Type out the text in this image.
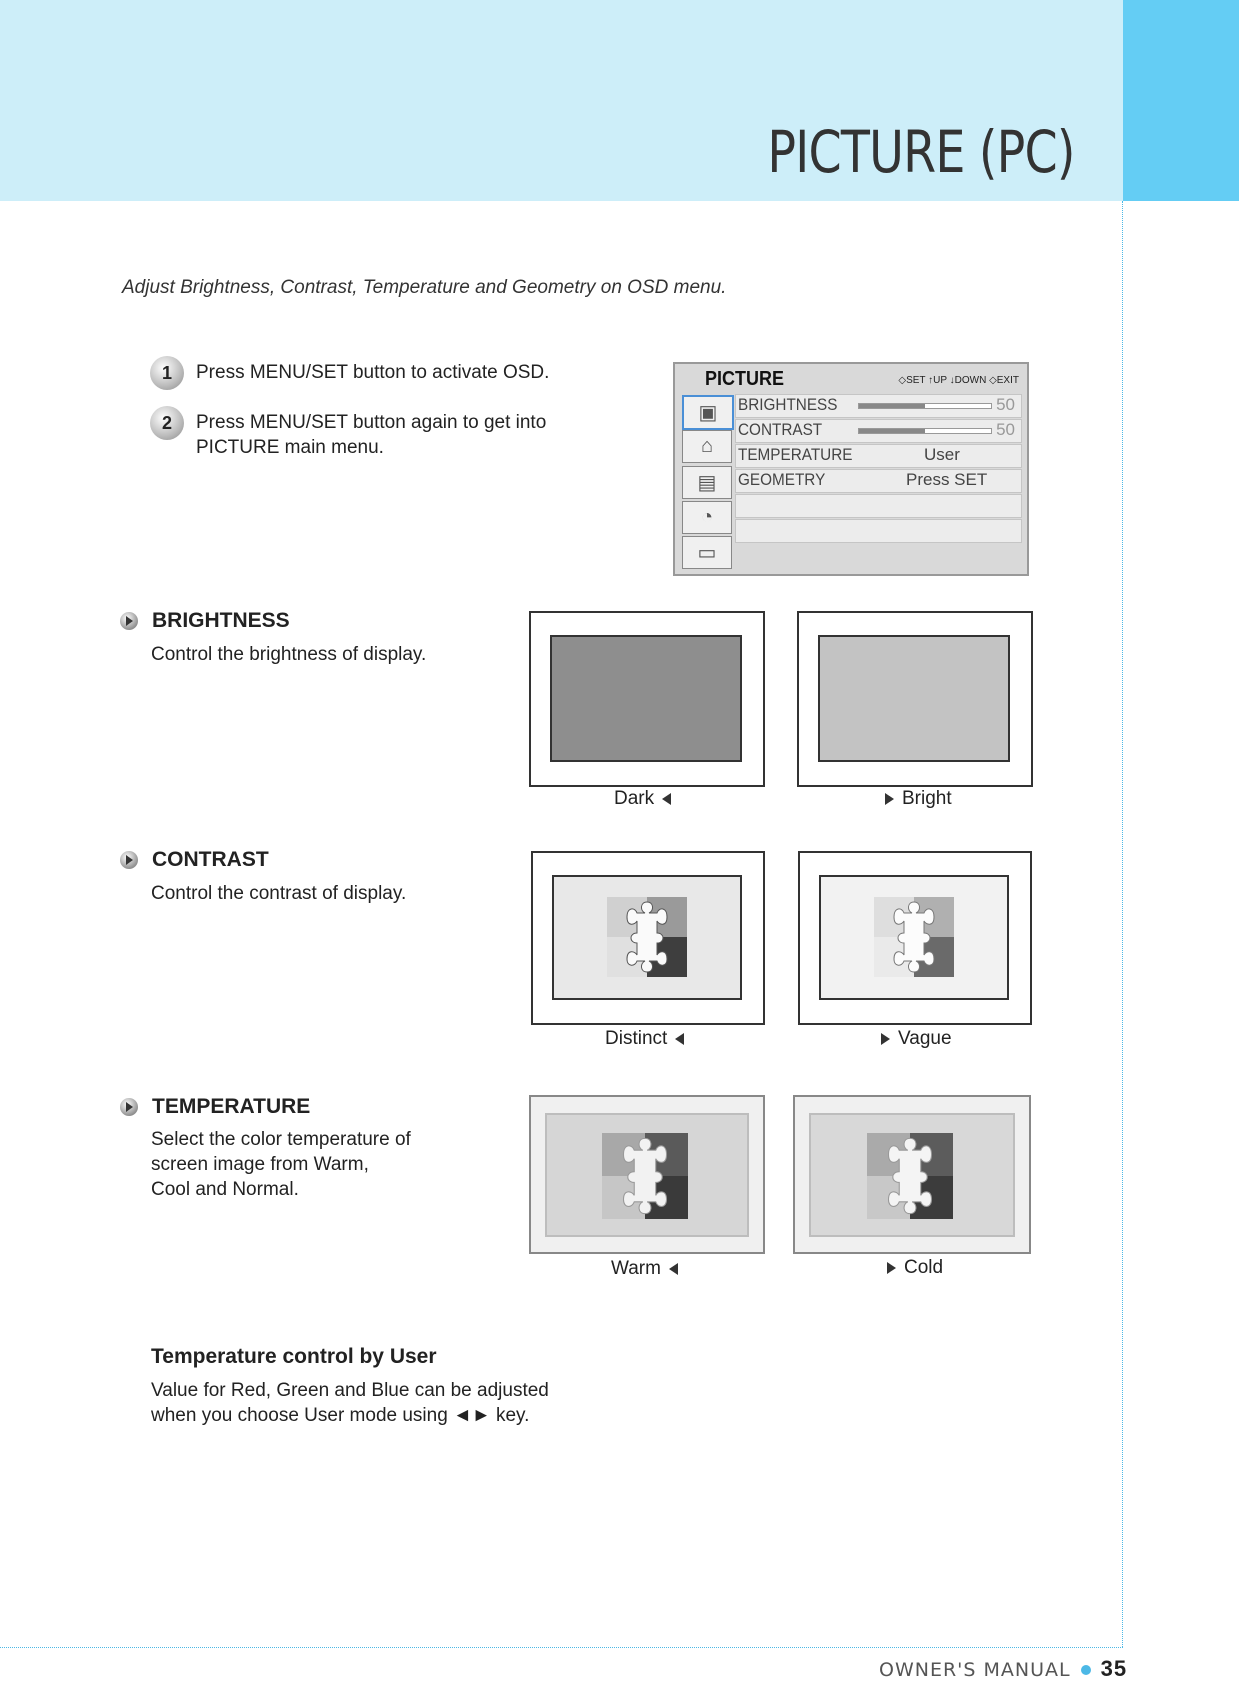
PICTURE (PC)
Adjust Brightness, Contrast, Temperature and Geometry on OSD menu.
1	Press MENU/SET button to activate OSD.
2	Press MENU/SET button again to get into PICTURE main menu.
PICTURE	◇SET ↑UP ↓DOWN ◇EXIT
▣
⌂
▤
◔
▭
BRIGHTNESS	50
CONTRAST	50
TEMPERATURE	User
GEOMETRY	Press SET
BRIGHTNESS
Control the brightness of display.
Dark	Bright
CONTRAST
Control the contrast of display.
Distinct	Vague
TEMPERATURE
Select the color temperature of
screen image from Warm,
Cool and Normal.
Warm	Cold
Temperature control by User
Value for Red, Green and Blue can be adjusted
when you choose User mode using ◄► key.
OWNER'S MANUAL 35
